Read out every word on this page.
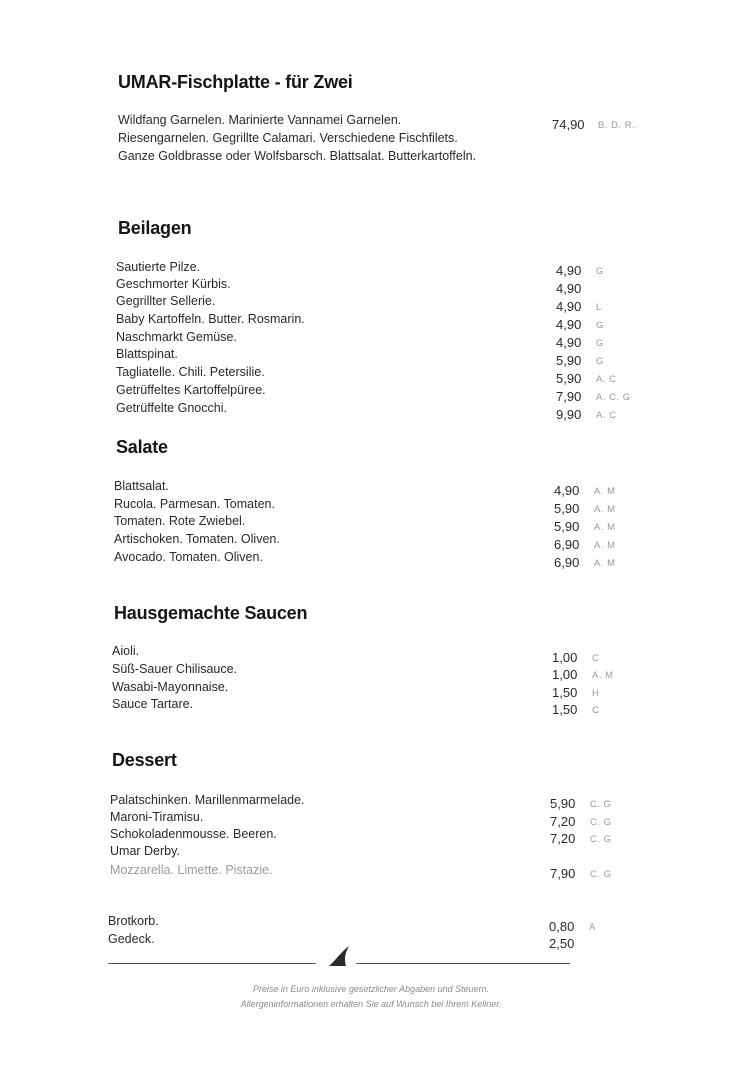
UMAR-Fischplatte - für Zwei
Wildfang Garnelen. Marinierte Vannamei Garnelen.
Riesengarnelen. Gegrillte Calamari. Verschiedene Fischfilets.
Ganze Goldbrasse oder Wolfsbarsch. Blattsalat. Butterkartoffeln.
74,90 B. D. R.
Beilagen
Sautierte Pilze.	4,90 G
Geschmorter Kürbis.	4,90
Gegrillter Sellerie.	4,90 L
Baby Kartoffeln. Butter. Rosmarin.	4,90 G
Naschmarkt Gemüse.	4,90 G
Blattspinat.	5,90 G
Tagliatelle. Chili. Petersilie.	5,90 A. C
Getrüffeltes Kartoffelpüree.	7,90 A. C. G
Getrüffelte Gnocchi.	9,90 A. C
Salate
Blattsalat.	4,90 A. M
Rucola. Parmesan. Tomaten.	5,90 A. M
Tomaten. Rote Zwiebel.	5,90 A. M
Artischoken. Tomaten. Oliven.	6,90 A. M
Avocado. Tomaten. Oliven.	6,90 A. M
Hausgemachte Saucen
Aioli.	1,00 C
Süß-Sauer Chilisauce.	1,00 A. M
Wasabi-Mayonnaise.	1,50 H
Sauce Tartare.	1,50 C
Dessert
Palatschinken. Marillenmarmelade.	5,90 C. G
Maroni-Tiramisu.	7,20 C. G
Schokoladenmousse. Beeren.	7,20 C. G
Umar Derby.
Mozzarella. Limette. Pistazie.	7,90 C. G
Brotkorb.	0,80 A
Gedeck.	2,50
Preise in Euro inklusive gesetzlicher Abgaben und Steuern.
Allergeninformationen erhalten Sie auf Wunsch bei Ihrem Kellner.
